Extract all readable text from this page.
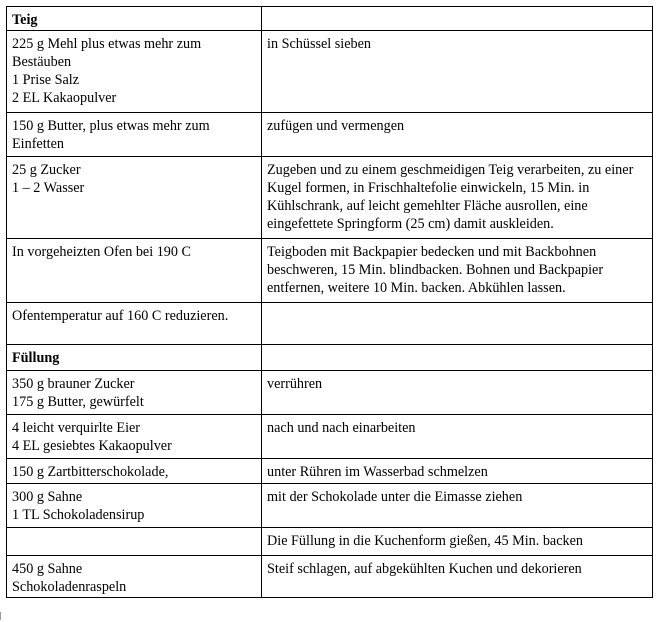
Teig	

225 g Mehl plus etwas mehr zum Bestäuben
1 Prise Salz
2 EL Kakaopulver	in Schüssel sieben

150 g Butter, plus etwas mehr zum Einfetten	zufügen und vermengen

25 g Zucker
1 – 2 Wasser	Zugeben und zu einem geschmeidigen Teig verarbeiten, zu einer Kugel formen, in Frischhaltefolie einwickeln, 15 Min. in Kühlschrank, auf leicht gemehlter Fläche ausrollen, eine eingefettete Springform (25 cm) damit auskleiden.

In vorgeheizten Ofen bei 190 C	Teigboden mit Backpapier bedecken und mit Backbohnen beschweren, 15 Min. blindbacken. Bohnen und Backpapier entfernen, weitere 10 Min. backen. Abkühlen lassen.

Ofentemperatur auf 160 C reduzieren.	

Füllung	

350 g brauner Zucker
175 g Butter, gewürfelt	verrühren

4 leicht verquirlte Eier
4 EL gesiebtes Kakaopulver	nach und nach einarbeiten

150 g Zartbitterschokolade,	unter Rühren im Wasserbad schmelzen

300 g Sahne
1 TL Schokoladensirup	mit der Schokolade unter die Eimasse ziehen

	Die Füllung in die Kuchenform gießen, 45 Min. backen

450 g Sahne
Schokoladenraspeln	Steif schlagen, auf abgekühlten Kuchen und dekorieren
